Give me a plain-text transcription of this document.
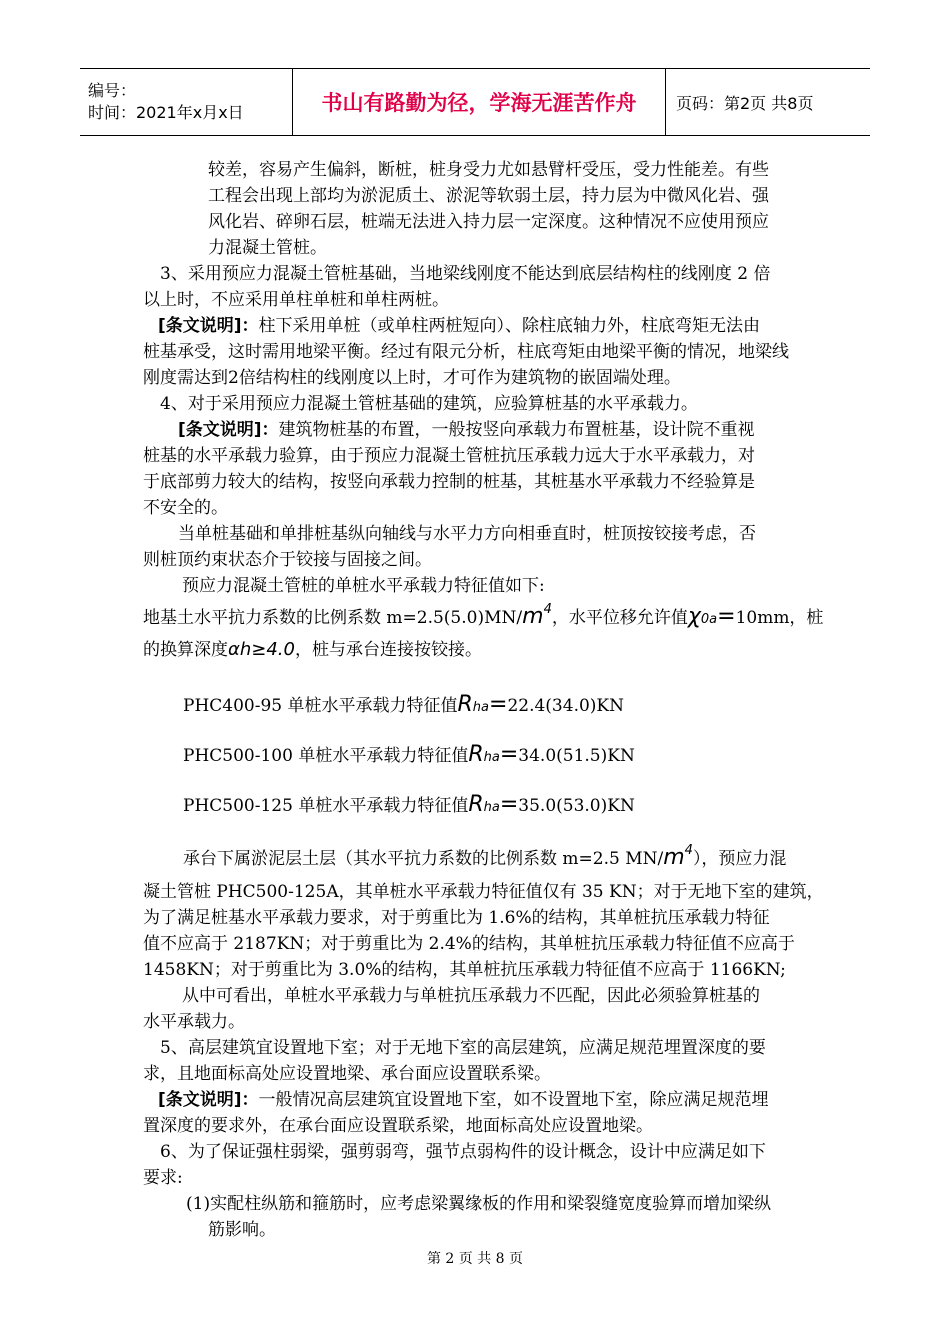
编号：
时间：2021年x月x日	书山有路勤为径，学海无涯苦作舟 页码：第2页 共8页
较差，容易产生偏斜，断桩，桩身受力尤如悬臂杆受压，受力性能差。有些
工程会出现上部均为淤泥质土、淤泥等软弱土层，持力层为中微风化岩、强
风化岩、碎卵石层，桩端无法进入持力层一定深度。这种情况不应使用预应
力混凝土管桩。
3、采用预应力混凝土管桩基础，当地梁线刚度不能达到底层结构柱的线刚度 2 倍
以上时，不应采用单柱单桩和单柱两桩。
[条文说明]：柱下采用单桩（或单柱两桩短向）、除柱底轴力外，柱底弯矩无法由
桩基承受，这时需用地梁平衡。经过有限元分析，柱底弯矩由地梁平衡的情况，地梁线
刚度需达到2倍结构柱的线刚度以上时，才可作为建筑物的嵌固端处理。
4、对于采用预应力混凝土管桩基础的建筑，应验算桩基的水平承载力。
[条文说明]：建筑物桩基的布置，一般按竖向承载力布置桩基，设计院不重视
桩基的水平承载力验算，由于预应力混凝土管桩抗压承载力远大于水平承载力，对
于底部剪力较大的结构，按竖向承载力控制的桩基，其桩基水平承载力不经验算是
不安全的。
当单桩基础和单排桩基纵向轴线与水平力方向相垂直时，桩顶按铰接考虑，否
则桩顶约束状态介于铰接与固接之间。
预应力混凝土管桩的单桩水平承载力特征值如下:
地基土水平抗力系数的比例系数 $m=2.5(5.0)MN/m^4$，水平位移允许值χ0a=10mm，桩
的换算深度αh≥4.0，桩与承台连接按铰接。
PHC400-95 单桩水平承载力特征值Rha=22.4(34.0)KN
PHC500-100 单桩水平承载力特征值Rha=34.0(51.5)KN
PHC500-125 单桩水平承载力特征值Rha=35.0(53.0)KN
承台下属淤泥层土层（其水平抗力系数的比例系数 m=2.5 $MN/m^4$），预应力混
凝土管桩 PHC500-125A，其单桩水平承载力特征值仅有 35 KN；对于无地下室的建筑，
为了满足桩基水平承载力要求，对于剪重比为 1.6%的结构，其单桩抗压承载力特征
值不应高于 2187KN；对于剪重比为 2.4%的结构，其单桩抗压承载力特征值不应高于
1458KN；对于剪重比为 3.0%的结构，其单桩抗压承载力特征值不应高于 1166KN;
从中可看出，单桩水平承载力与单桩抗压承载力不匹配，因此必须验算桩基的
水平承载力。
5、高层建筑宜设置地下室；对于无地下室的高层建筑，应满足规范埋置深度的要
求，且地面标高处应设置地梁、承台面应设置联系梁。
[条文说明]：一般情况高层建筑宜设置地下室，如不设置地下室，除应满足规范埋
置深度的要求外，在承台面应设置联系梁，地面标高处应设置地梁。
6、为了保证强柱弱梁，强剪弱弯，强节点弱构件的设计概念，设计中应满足如下
要求:
(1)实配柱纵筋和箍筋时，应考虑梁翼缘板的作用和梁裂缝宽度验算而增加梁纵
筋影响。
第 2 页 共 8 页
